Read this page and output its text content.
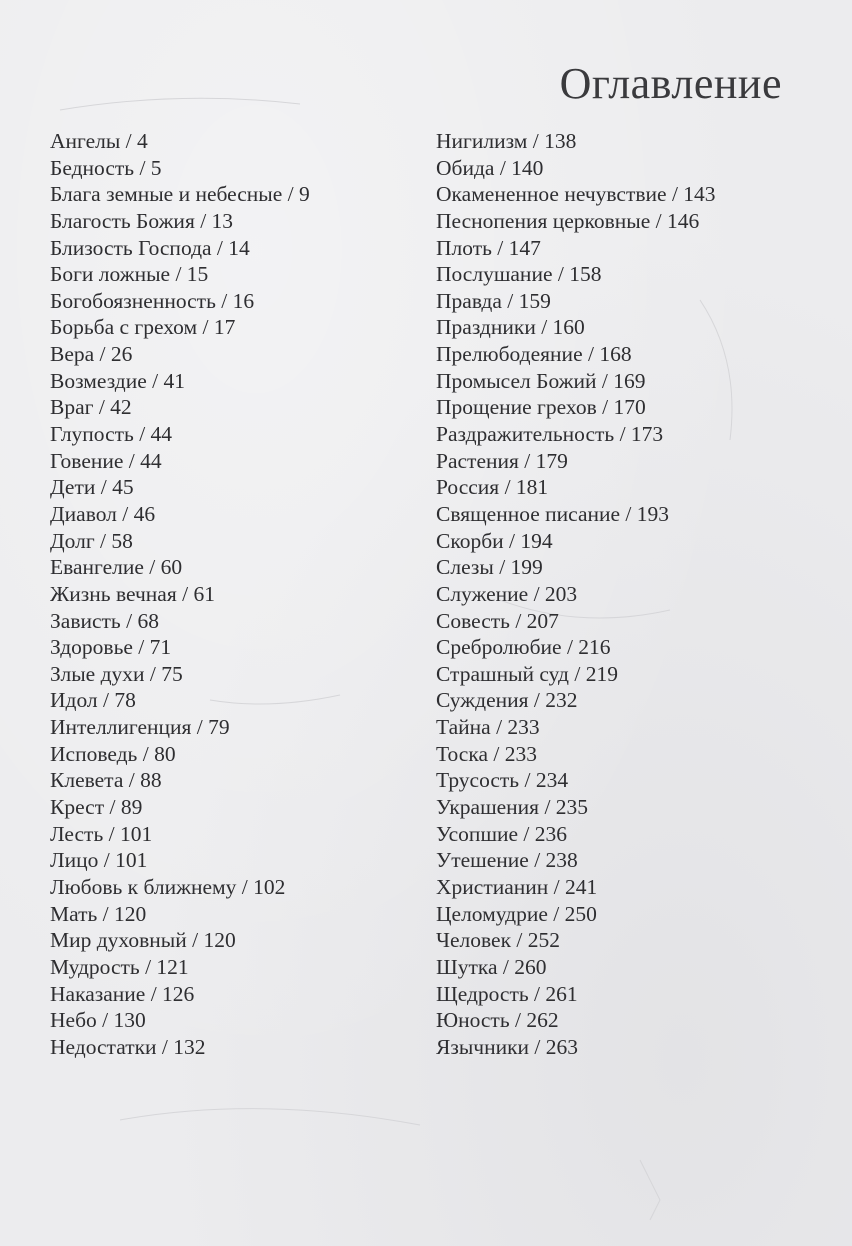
Оглавление
Ангелы / 4
Бедность / 5
Блага земные и небесные / 9
Благость Божия / 13
Близость Господа / 14
Боги ложные / 15
Богобоязненность / 16
Борьба с грехом / 17
Вера / 26
Возмездие / 41
Враг / 42
Глупость / 44
Говение / 44
Дети / 45
Диавол / 46
Долг / 58
Евангелие / 60
Жизнь вечная / 61
Зависть / 68
Здоровье / 71
Злые духи / 75
Идол / 78
Интеллигенция / 79
Исповедь / 80
Клевета / 88
Крест / 89
Лесть / 101
Лицо / 101
Любовь к ближнему / 102
Мать / 120
Мир духовный / 120
Мудрость / 121
Наказание / 126
Небо / 130
Недостатки / 132
Нигилизм / 138
Обида / 140
Окамененное нечувствие / 143
Песнопения церковные / 146
Плоть / 147
Послушание / 158
Правда / 159
Праздники / 160
Прелюбодеяние / 168
Промысел Божий / 169
Прощение грехов / 170
Раздражительность / 173
Растения / 179
Россия / 181
Священное писание / 193
Скорби / 194
Слезы / 199
Служение / 203
Совесть / 207
Сребролюбие / 216
Страшный суд / 219
Суждения / 232
Тайна / 233
Тоска / 233
Трусость / 234
Украшения / 235
Усопшие / 236
Утешение / 238
Христианин / 241
Целомудрие / 250
Человек / 252
Шутка / 260
Щедрость / 261
Юность / 262
Язычники / 263
